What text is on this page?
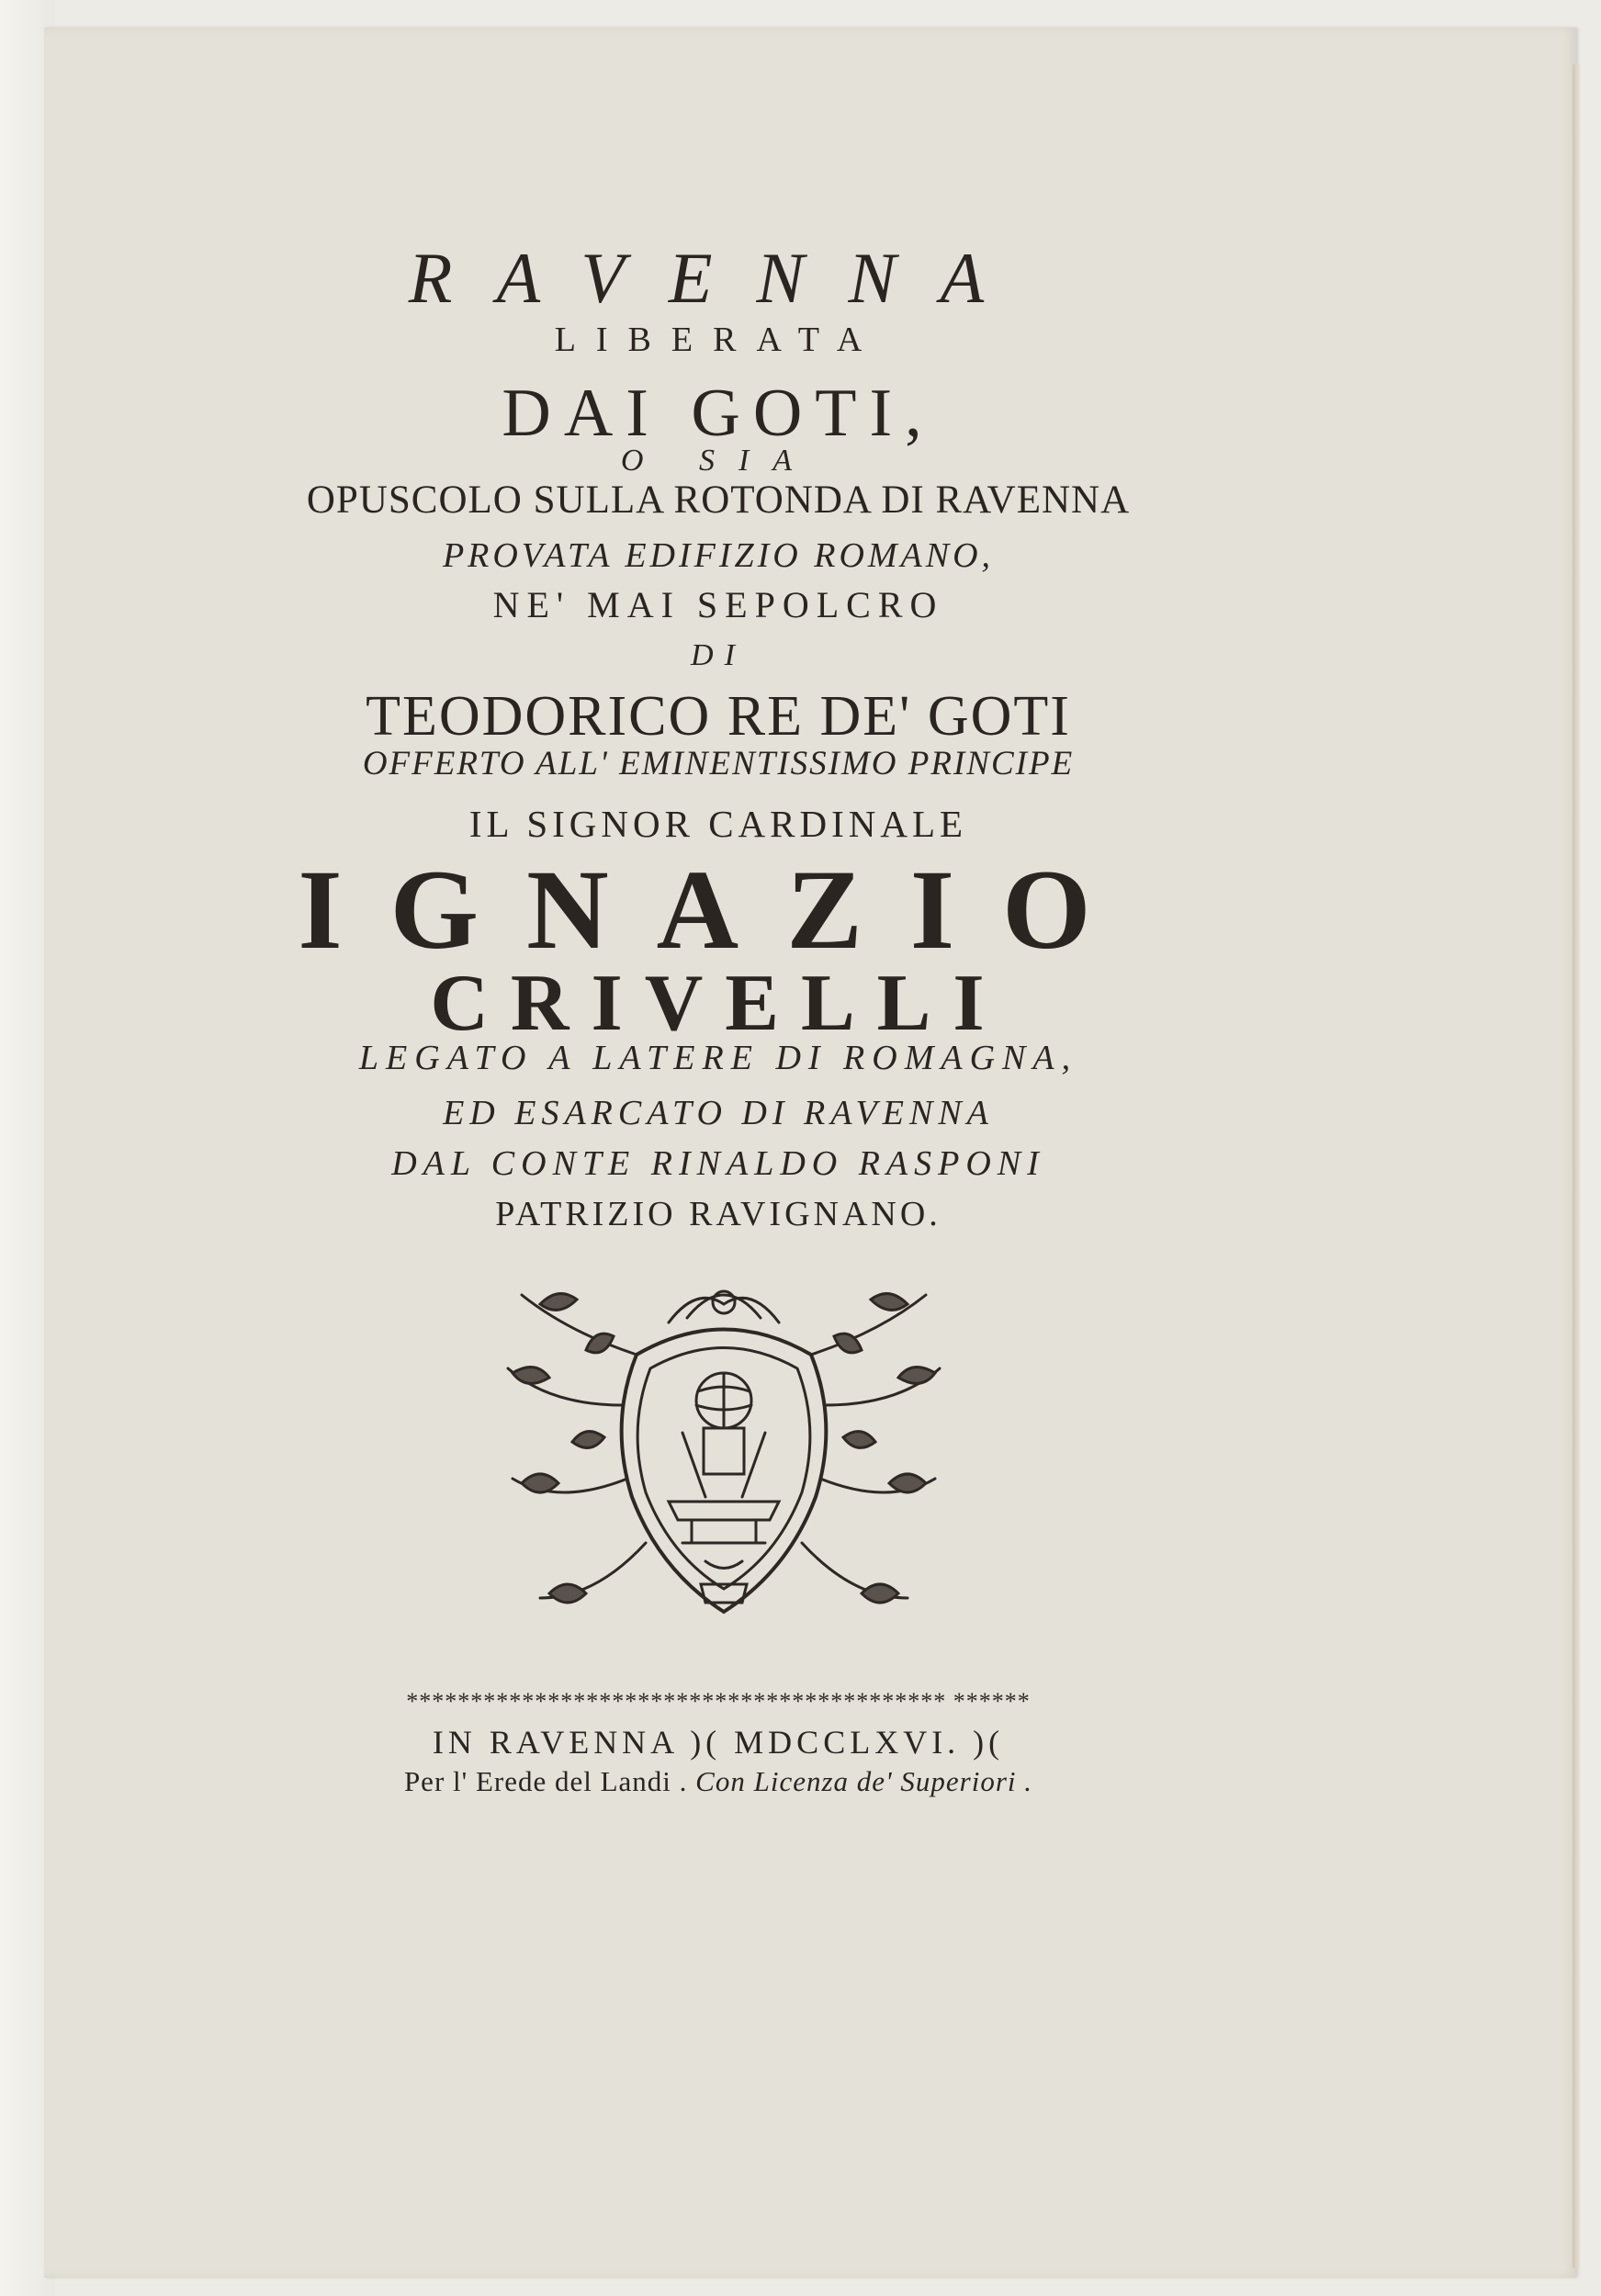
RAVENNA
LIBERATA
DAI GOTI,
O SIA
OPUSCOLO SULLA ROTONDA DI RAVENNA
PROVATA EDIFIZIO ROMANO,
NE' MAI SEPOLCRO
DI
TEODORICO RE DE' GOTI
OFFERTO ALL' EMINENTISSIMO PRINCIPE
IL SIGNOR CARDINALE
IGNAZIO
CRIVELLI
LEGATO A LATERE DI ROMAGNA,
ED ESARCATO DI RAVENNA
DAL CONTE RINALDO RASPONI
PATRIZIO RAVIGNANO.
****************************************** ******
IN RAVENNA )( MDCCLXVI. )(
Per l' Erede del Landi . Con Licenza de' Superiori .
